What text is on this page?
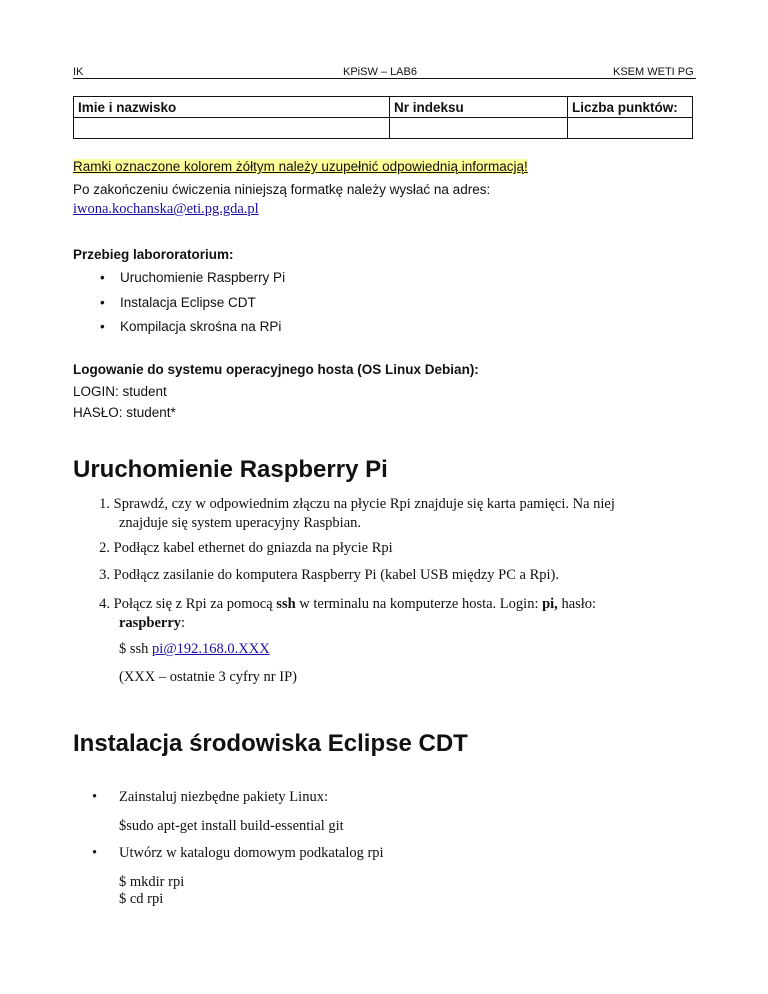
IK	KPiSW – LAB6	KSEM WETI PG
Imie i nazwisko	Nr indeksu	Liczba punktów:

Ramki oznaczone kolorem żółtym należy uzupełnić odpowiednią informacją!
Po zakończeniu ćwiczenia niniejszą formatkę należy wysłać na adres:
iwona.kochanska@eti.pg.gda.pl
Przebieg labororatorium:
• Uruchomienie Raspberry Pi
• Instalacja Eclipse CDT
• Kompilacja skrośna na RPi
Logowanie do systemu operacyjnego hosta (OS Linux Debian):
LOGIN: student
HASŁO: student*
Uruchomienie Raspberry Pi
1. Sprawdź, czy w odpowiednim złączu na płycie Rpi znajduje się karta pamięci. Na niej
znajduje się system uperacyjny Raspbian.
2. Podłącz kabel ethernet do gniazda na płycie Rpi
3. Podłącz zasilanie do komputera Raspberry Pi (kabel USB między PC a Rpi).
4. Połącz się z Rpi za pomocą ssh w terminalu na komputerze hosta. Login: pi, hasło:
raspberry:
$ ssh pi@192.168.0.XXX
(XXX – ostatnie 3 cyfry nr IP)
Instalacja środowiska Eclipse CDT
• Zainstaluj niezbędne pakiety Linux:
$sudo apt-get install build-essential git
• Utwórz w katalogu domowym podkatalog rpi
$ mkdir rpi
$ cd rpi
